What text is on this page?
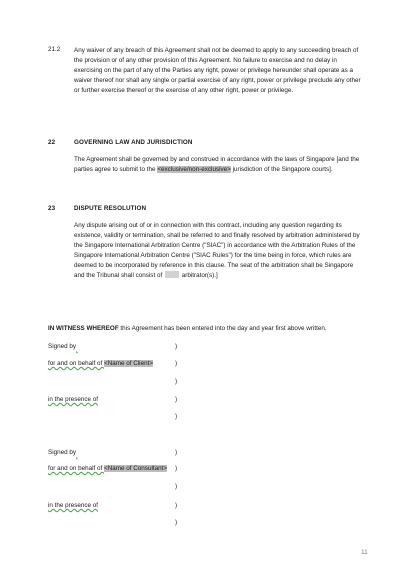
21.2	Any waiver of any breach of this Agreement shall not be deemed to apply to any succeeding breach of
the provision or of any other provision of this Agreement. No failure to exercise and no delay in
exercising on the part of any of the Parties any right, power or privilege hereunder shall operate as a
waiver thereof nor shall any single or partial exercise of any right, power or privilege preclude any other
or further exercise thereof or the exercise of any other right, power or privilege.
22	GOVERNING LAW AND JURISDICTION
The Agreement shall be governed by and construed in accordance with the laws of Singapore [and the
parties agree to submit to the <exclusive/non-exclusive> jurisdiction of the Singapore courts].
23	DISPUTE RESOLUTION
Any dispute arising out of or in connection with this contract, including any question regarding its
existence, validity or termination, shall be referred to and finally resolved by arbitration administered by
the Singapore International Arbitration Centre ("SIAC") in accordance with the Arbitration Rules of the
Singapore International Arbitration Centre ("SIAC Rules") for the time being in force, which rules are
deemed to be incorporated by reference in this clause. The seat of the arbitration shall be Singapore
and the Tribunal shall consist of	arbitrator(s).]
IN WITNESS WHEREOF this Agreement has been entered into the day and year first above written.
Signed by	)
for and on behalf of <Name of Client>	)
)
in the presence of	)
)
Signed by	)
for and on behalf of <Name of Consultant> )
)
in the presence of	)
)
11
